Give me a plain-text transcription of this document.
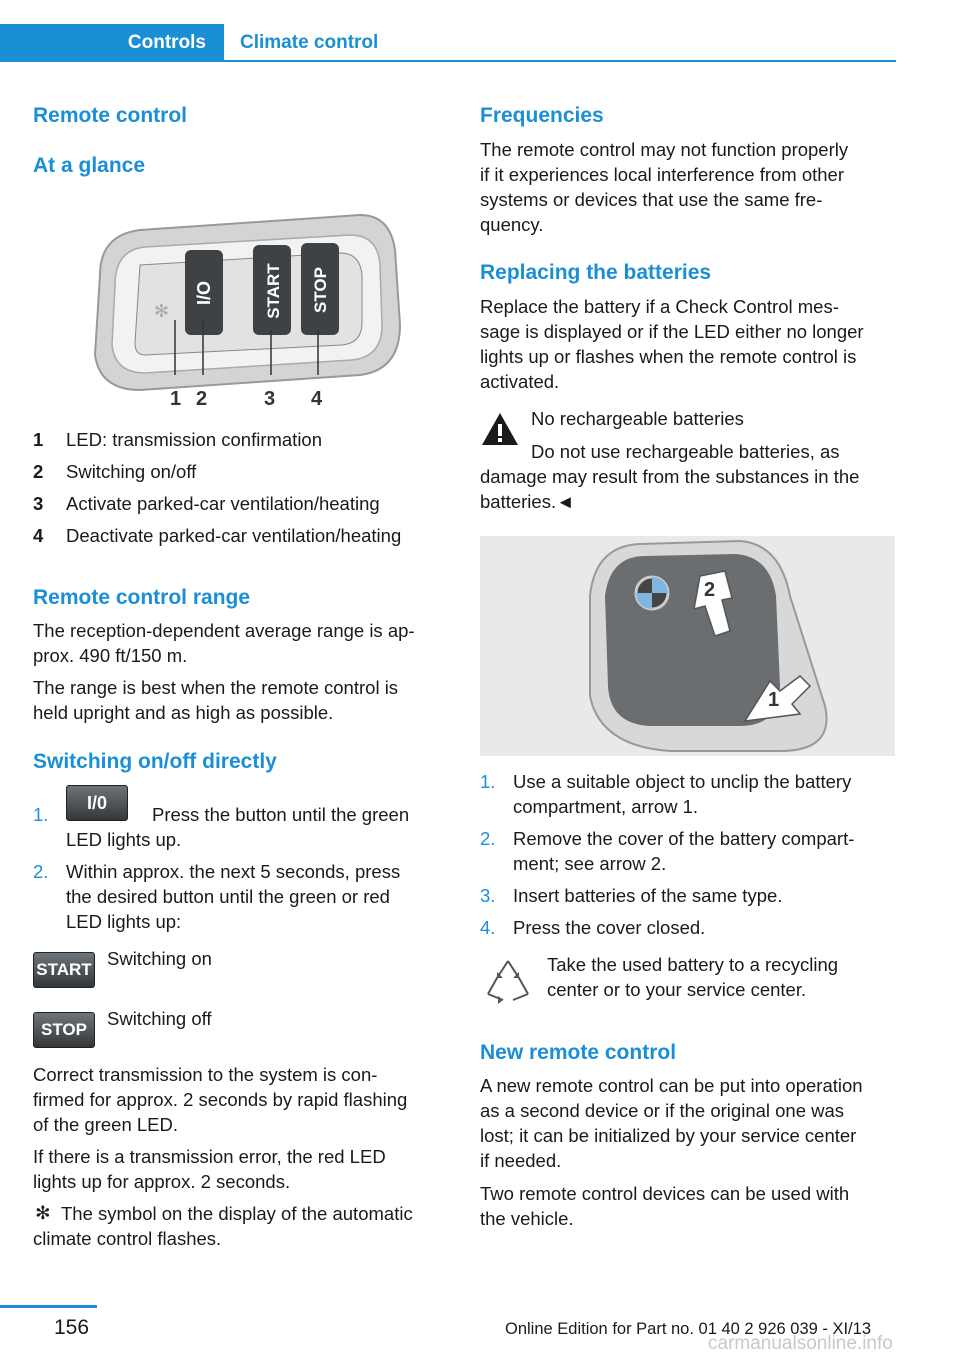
Controls	Climate control
Remote control
At a glance
I/O	START STOP
✻
1 2	3 4
1 LED: transmission confirmation
2 Switching on/off
3 Activate parked-car ventilation/heating
4 Deactivate parked-car ventilation/heating
Remote control range
The reception-dependent average range is ap‐
prox. 490 ft/150 m.
The range is best when the remote control is
held upright and as high as possible.
Switching on/off directly
1.
I/0
Press the button until the green
LED lights up.
2. Within approx. the next 5 seconds, press
the desired button until the green or red
LED lights up:
START
Switching on
STOP
Switching off
Correct transmission to the system is con‐
firmed for approx. 2 seconds by rapid flashing
of the green LED.
If there is a transmission error, the red LED
lights up for approx. 2 seconds.
✻ The symbol on the display of the automatic
climate control flashes.
Frequencies
The remote control may not function properly
if it experiences local interference from other
systems or devices that use the same fre‐
quency.
Replacing the batteries
Replace the battery if a Check Control mes‐
sage is displayed or if the LED either no longer
lights up or flashes when the remote control is
activated.
No rechargeable batteries
Do not use rechargeable batteries, as
damage may result from the substances in the
batteries.◄
2
1
1. Use a suitable object to unclip the battery
compartment, arrow 1.
2. Remove the cover of the battery compart‐
ment; see arrow 2.
3. Insert batteries of the same type.
4. Press the cover closed.
Take the used battery to a recycling
center or to your service center.
New remote control
A new remote control can be put into operation
as a second device or if the original one was
lost; it can be initialized by your service center
if needed.
Two remote control devices can be used with
the vehicle.
156	Online Edition for Part no. 01 40 2 926 039 - XI/13
carmanualsonline.info
